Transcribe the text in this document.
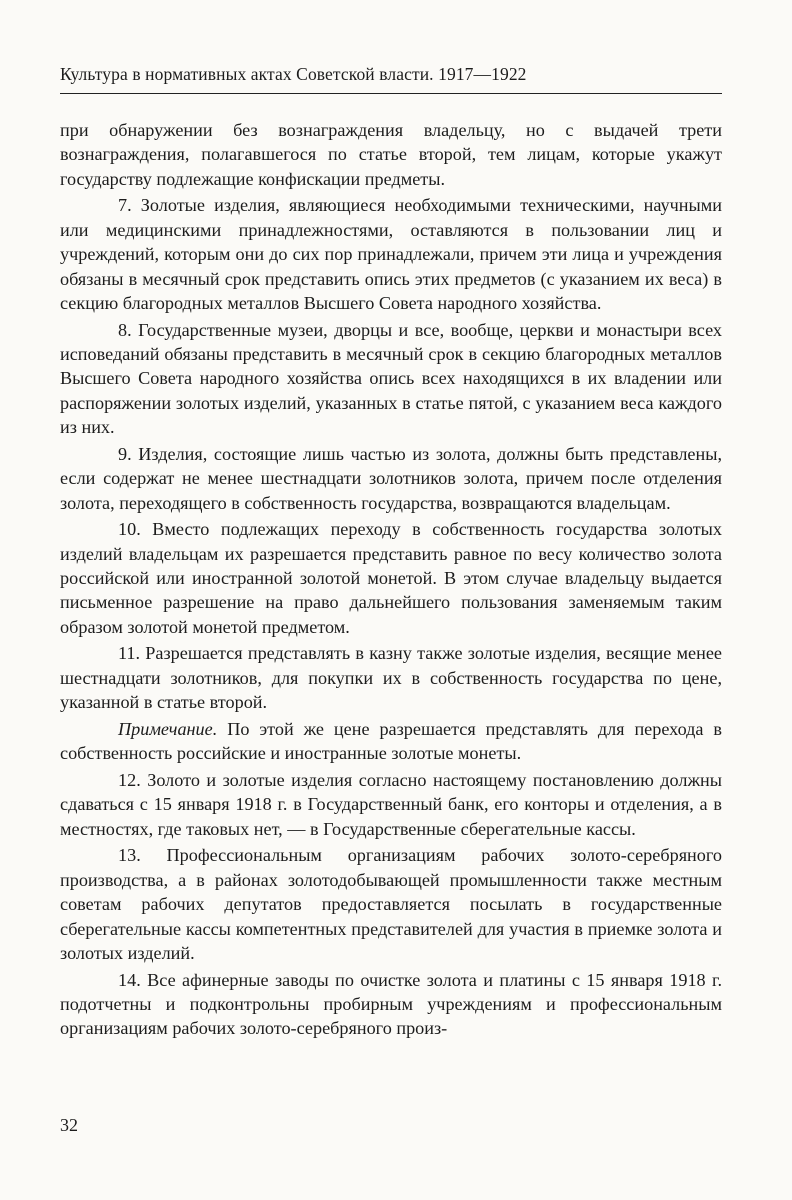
Культура в нормативных актах Советской власти. 1917—1922

при обнаружении без вознаграждения владельцу, но с выдачей трети вознаграждения, полагавшегося по статье второй, тем лицам, которые укажут государству подлежащие конфискации предметы.

7. Золотые изделия, являющиеся необходимыми техническими, научными или медицинскими принадлежностями, оставляются в пользовании лиц и учреждений, которым они до сих пор принадлежали, причем эти лица и учреждения обязаны в месячный срок представить опись этих предметов (с указанием их веса) в секцию благородных металлов Высшего Совета народного хозяйства.

8. Государственные музеи, дворцы и все, вообще, церкви и монастыри всех исповеданий обязаны представить в месячный срок в секцию благородных металлов Высшего Совета народного хозяйства опись всех находящихся в их владении или распоряжении золотых изделий, указанных в статье пятой, с указанием веса каждого из них.

9. Изделия, состоящие лишь частью из золота, должны быть представлены, если содержат не менее шестнадцати золотников золота, причем после отделения золота, переходящего в собственность государства, возвращаются владельцам.

10. Вместо подлежащих переходу в собственность государства золотых изделий владельцам их разрешается представить равное по весу количество золота российской или иностранной золотой монетой. В этом случае владельцу выдается письменное разрешение на право дальнейшего пользования заменяемым таким образом золотой монетой предметом.

11. Разрешается представлять в казну также золотые изделия, весящие менее шестнадцати золотников, для покупки их в собственность государства по цене, указанной в статье второй.

Примечание. По этой же цене разрешается представлять для перехода в собственность российские и иностранные золотые монеты.

12. Золото и золотые изделия согласно настоящему постановлению должны сдаваться с 15 января 1918 г. в Государственный банк, его конторы и отделения, а в местностях, где таковых нет, — в Государственные сберегательные кассы.

13. Профессиональным организациям рабочих золото-серебряного производства, а в районах золотодобывающей промышленности также местным советам рабочих депутатов предоставляется посылать в государственные сберегательные кассы компетентных представителей для участия в приемке золота и золотых изделий.

14. Все афинерные заводы по очистке золота и платины с 15 января 1918 г. подотчетны и подконтрольны пробирным учреждениям и профессиональным организациям рабочих золото-серебряного произ-

32
